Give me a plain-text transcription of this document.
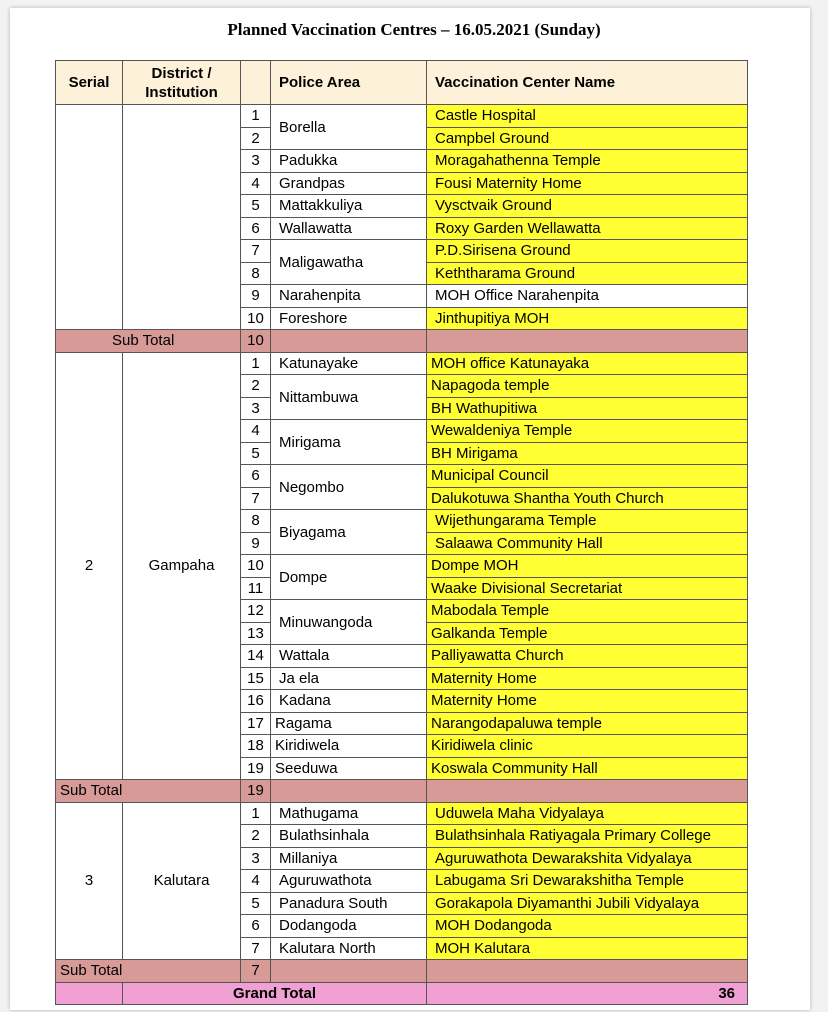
Planned Vaccination Centres – 16.05.2021 (Sunday)
Serial	District / Institution		Police Area	Vaccination Center Name
		1	Borella	Castle Hospital
		2		Campbel Ground
		3	Padukka	Moragahathenna Temple
		4	Grandpas	Fousi Maternity Home
		5	Mattakkuliya	Vysctvaik Ground
		6	Wallawatta	Roxy Garden Wellawatta
		7	Maligawatha	P.D.Sirisena Ground
		8		Keththarama Ground
		9	Narahenpita	MOH Office Narahenpita
		10	Foreshore	Jinthupitiya MOH
Sub Total		10		
2	Gampaha	1	Katunayake	MOH office Katunayaka
		2	Nittambuwa	Napagoda temple
		3		BH Wathupitiwa
		4	Mirigama	Wewaldeniya Temple
		5		BH Mirigama
		6	Negombo	Municipal Council
		7		Dalukotuwa Shantha Youth Church
		8	Biyagama	Wijethungarama Temple
		9		Salaawa Community Hall
		10	Dompe	Dompe MOH
		11		Waake Divisional Secretariat
		12	Minuwangoda	Mabodala Temple
		13		Galkanda Temple
		14	Wattala	Palliyawatta Church
		15	Ja ela	Maternity Home
		16	Kadana	Maternity Home
		17	Ragama	Narangodapaluwa temple
		18	Kiridiwela	Kiridiwela clinic
		19	Seeduwa	Koswala Community Hall
Sub Total		19		
3	Kalutara	1	Mathugama	Uduwela Maha Vidyalaya
		2	Bulathsinhala	Bulathsinhala Ratiyagala Primary College
		3	Millaniya	Aguruwathota Dewarakshita Vidyalaya
		4	Aguruwathota	Labugama Sri Dewarakshitha Temple
		5	Panadura South	Gorakapola Diyamanthi Jubili Vidyalaya
		6	Dodangoda	MOH Dodangoda
		7	Kalutara North	MOH Kalutara
Sub Total		7		
	Grand Total			36
